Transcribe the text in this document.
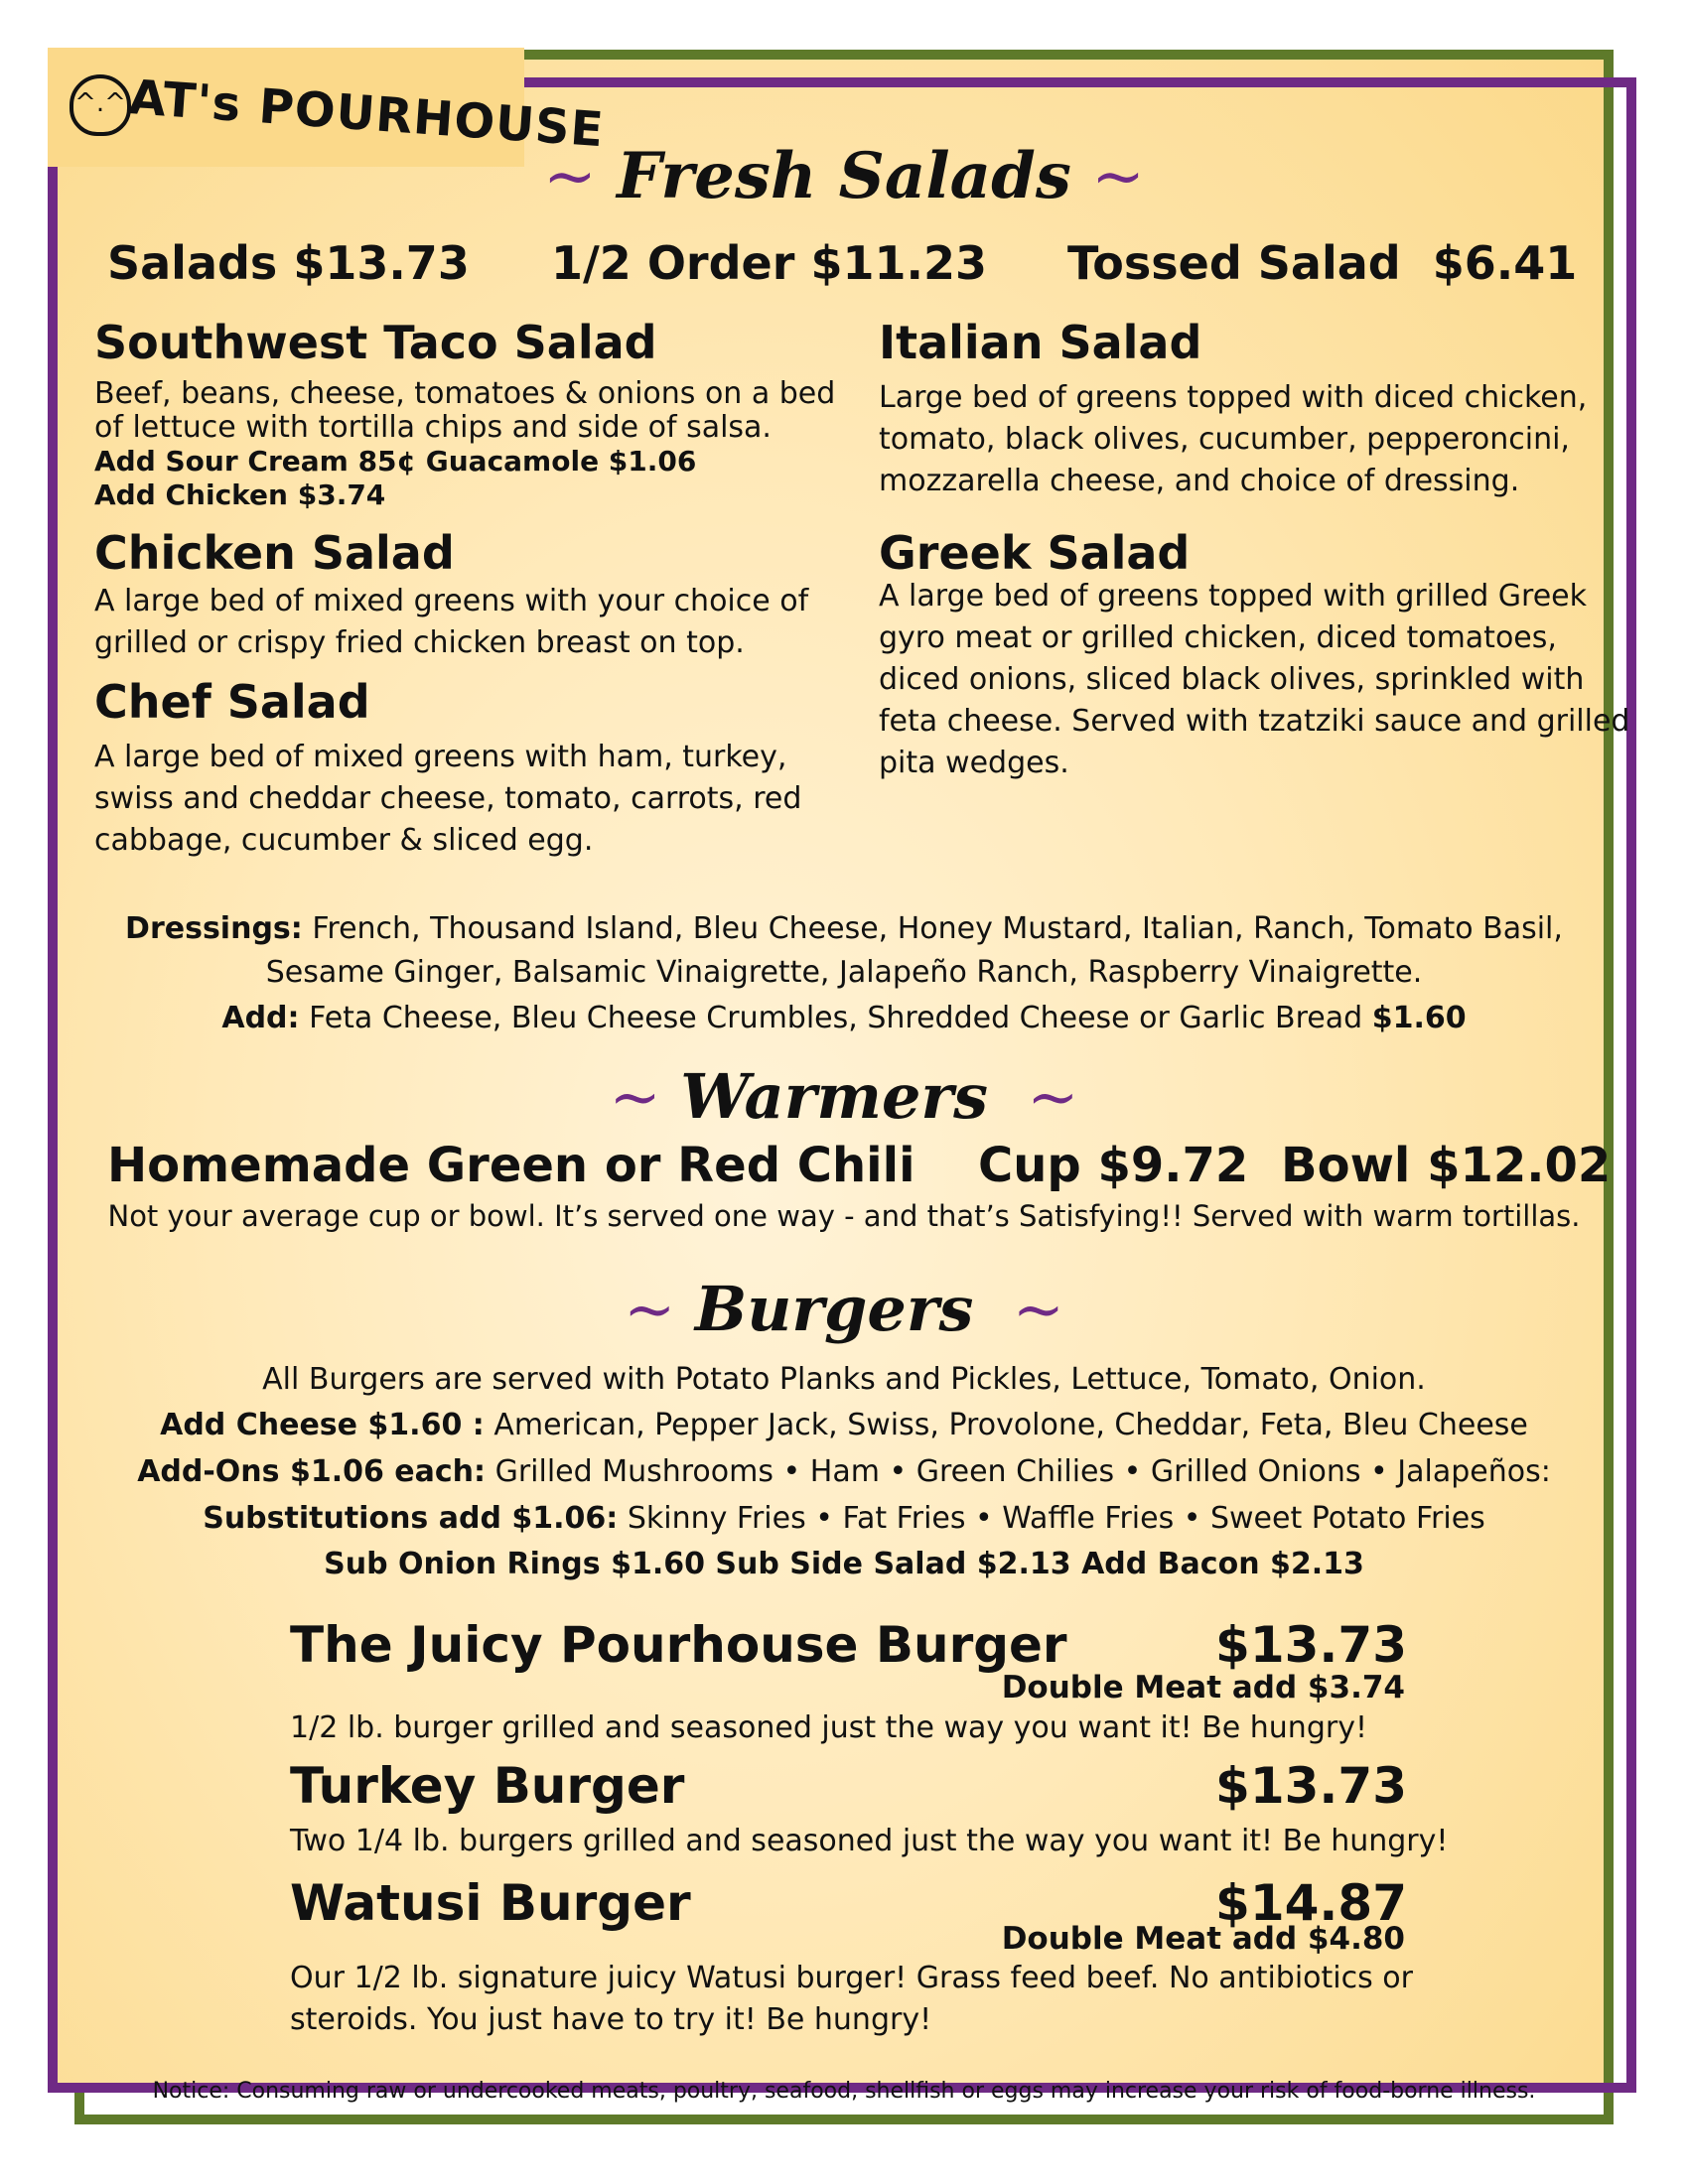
^.^ AT's POURHOUSE
~ Fresh Salads ~
Salads $13.73 1/2 Order $11.23 Tossed Salad $6.41
Southwest Taco Salad
Beef, beans, cheese, tomatoes & onions on a bed
of lettuce with tortilla chips and side of salsa.
Add Sour Cream 85¢ Guacamole $1.06
Add Chicken $3.74
Chicken Salad
A large bed of mixed greens with your choice of
grilled or crispy fried chicken breast on top.
Chef Salad
A large bed of mixed greens with ham, turkey,
swiss and cheddar cheese, tomato, carrots, red
cabbage, cucumber & sliced egg.
Italian Salad
Large bed of greens topped with diced chicken,
tomato, black olives, cucumber, pepperoncini,
mozzarella cheese, and choice of dressing.
Greek Salad
A large bed of greens topped with grilled Greek
gyro meat or grilled chicken, diced tomatoes,
diced onions, sliced black olives, sprinkled with
feta cheese. Served with tzatziki sauce and grilled
pita wedges.
Dressings: French, Thousand Island, Bleu Cheese, Honey Mustard, Italian, Ranch, Tomato Basil,
Sesame Ginger, Balsamic Vinaigrette, Jalapeño Ranch, Raspberry Vinaigrette.
Add: Feta Cheese, Bleu Cheese Crumbles, Shredded Cheese or Garlic Bread $1.60
~ Warmers  ~
Homemade Green or Red Chili Cup $9.72 Bowl $12.02
Not your average cup or bowl. It’s served one way - and that’s Satisfying!! Served with warm tortillas.
~ Burgers  ~
All Burgers are served with Potato Planks and Pickles, Lettuce, Tomato, Onion.
Add Cheese $1.60 : American, Pepper Jack, Swiss, Provolone, Cheddar, Feta, Bleu Cheese
Add-Ons $1.06 each: Grilled Mushrooms • Ham • Green Chilies • Grilled Onions • Jalapeños:
Substitutions add $1.06: Skinny Fries • Fat Fries • Waffle Fries • Sweet Potato Fries
Sub Onion Rings $1.60 Sub Side Salad $2.13 Add Bacon $2.13
The Juicy Pourhouse Burger	$13.73
Double Meat add $3.74
1/2 lb. burger grilled and seasoned just the way you want it! Be hungry!
Turkey Burger	$13.73
Two 1/4 lb. burgers grilled and seasoned just the way you want it! Be hungry!
Watusi Burger	$14.87
Double Meat add $4.80
Our 1/2 lb. signature juicy Watusi burger! Grass feed beef. No antibiotics or
steroids. You just have to try it! Be hungry!
Notice: Consuming raw or undercooked meats, poultry, seafood, shellfish or eggs may increase your risk of food-borne illness.
